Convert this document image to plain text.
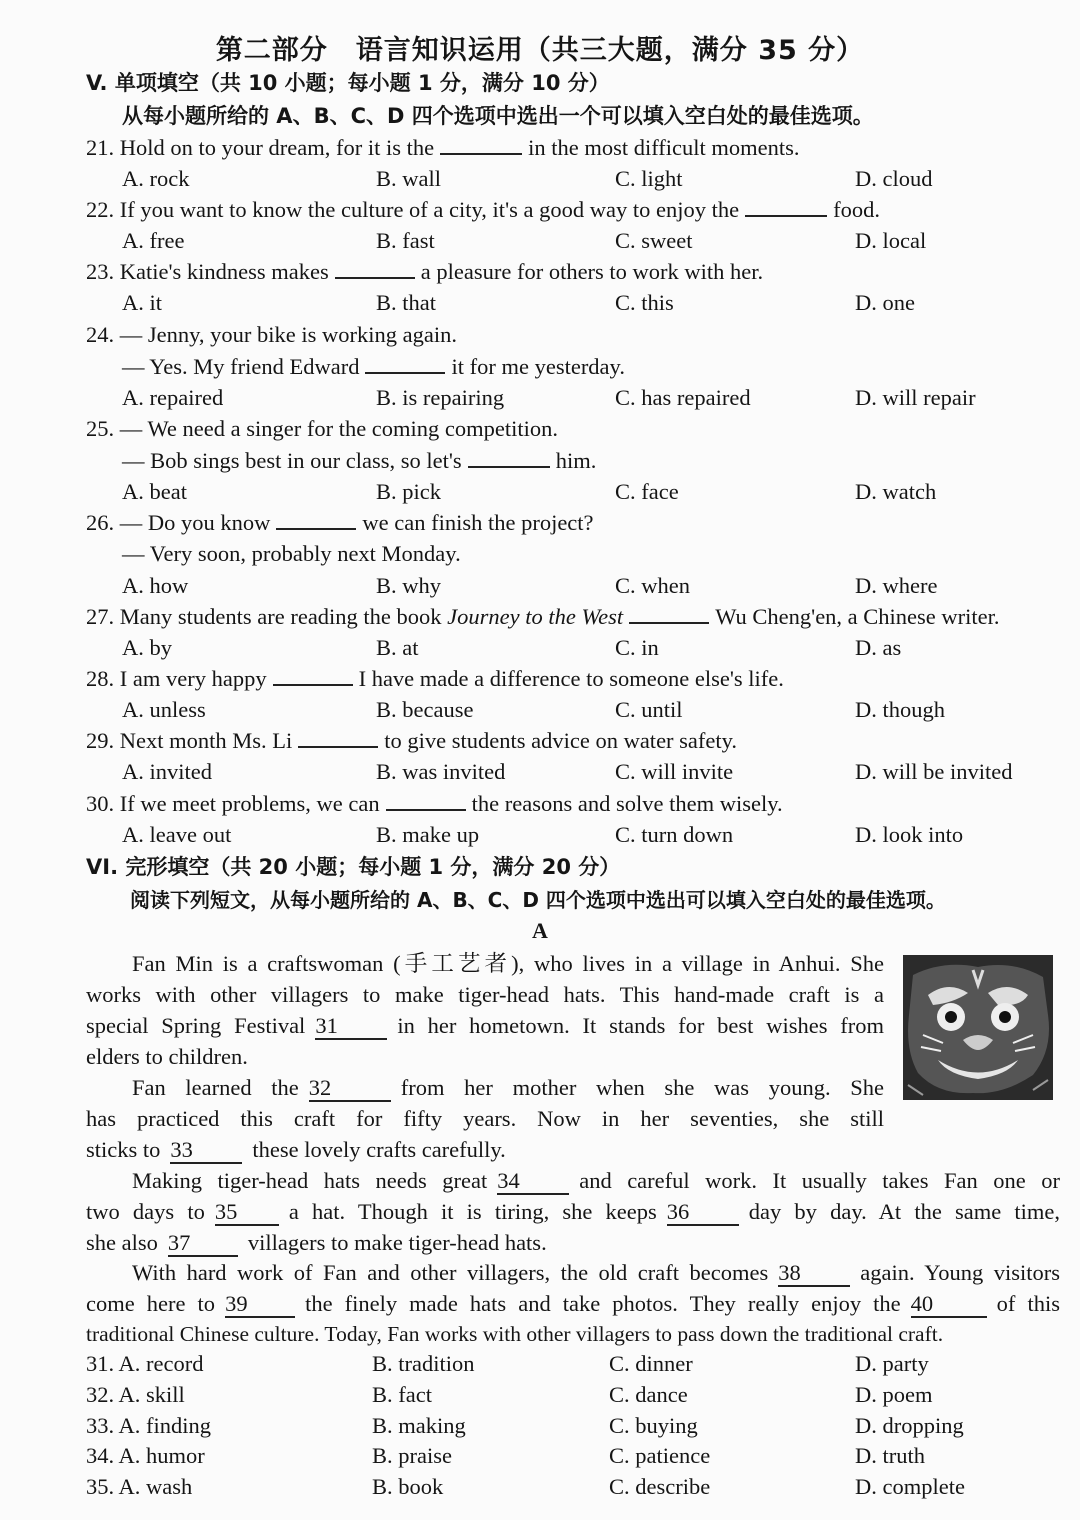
第二部分　语言知识运用（共三大题，满分 35 分）
V. 单项填空（共 10 小题；每小题 1 分，满分 10 分）
从每小题所给的 A、B、C、D 四个选项中选出一个可以填入空白处的最佳选项。
21. Hold on to your dream, for it is the	in the most difficult moments.
A. rock	B. wall	C. light	D. cloud
22. If you want to know the culture of a city, it's a good way to enjoy the	food.
A. free	B. fast	C. sweet	D. local
23. Katie's kindness makes	a pleasure for others to work with her.
A. it	B. that	C. this	D. one
24. — Jenny, your bike is working again.
— Yes. My friend Edward	it for me yesterday.
A. repaired	B. is repairing	C. has repaired	D. will repair
25. — We need a singer for the coming competition.
— Bob sings best in our class, so let's	him.
A. beat	B. pick	C. face	D. watch
26. — Do you know	we can finish the project?
— Very soon, probably next Monday.
A. how	B. why	C. when	D. where
27. Many students are reading the book Journey to the West	Wu Cheng'en, a Chinese writer.
A. by	B. at	C. in	D. as
28. I am very happy	I have made a difference to someone else's life.
A. unless	B. because	C. until	D. though
29. Next month Ms. Li	to give students advice on water safety.
A. invited	B. was invited	C. will invite	D. will be invited
30. If we meet problems, we can	the reasons and solve them wisely.
A. leave out	B. make up	C. turn down	D. look into
VI. 完形填空（共 20 小题；每小题 1 分，满分 20 分）
阅读下列短文，从每小题所给的 A、B、C、D 四个选项中选出可以填入空白处的最佳选项。
A
Fan Min is a craftswoman (手工艺者), who lives in a village in Anhui. She
works with other villagers to make tiger-head hats. This hand-made craft is a
special Spring Festival 31	in her hometown. It stands for best wishes from
elders to children.
Fan learned the 32	from her mother when she was young. She
has practiced this craft for fifty years. Now in her seventies, she still
sticks to 33	these lovely crafts carefully.
Making tiger-head hats needs great 34	and careful work. It usually takes Fan one or
two days to 35 a hat. Though it is tiring, she keeps 36	day by day. At the same time,
she also 37	villagers to make tiger-head hats.
With hard work of Fan and other villagers, the old craft becomes 38	again. Young visitors
come here to 39	the finely made hats and take photos. They really enjoy the 40	of this
traditional Chinese culture. Today, Fan works with other villagers to pass down the traditional craft.
31. A. record	B. tradition	C. dinner	D. party
32. A. skill	B. fact	C. dance	D. poem
33. A. finding	B. making	C. buying	D. dropping
34. A. humor	B. praise	C. patience	D. truth
35. A. wash	B. book	C. describe	D. complete
